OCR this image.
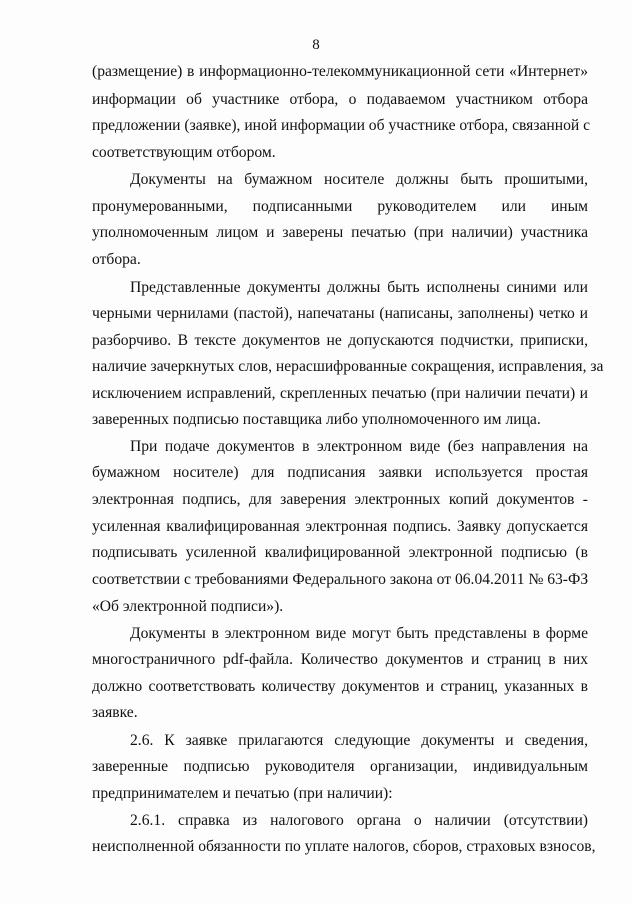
8
(размещение) в информационно-телекоммуникационной сети «Интернет»
информации об участнике отбора, о подаваемом участником отбора
предложении (заявке), иной информации об участнике отбора, связанной с
соответствующим отбором.
Документы на бумажном носителе должны быть прошитыми,
пронумерованными, подписанными руководителем или иным
уполномоченным лицом и заверены печатью (при наличии) участника
отбора.
Представленные документы должны быть исполнены синими или
черными чернилами (пастой), напечатаны (написаны, заполнены) четко и
разборчиво. В тексте документов не допускаются подчистки, приписки,
наличие зачеркнутых слов, нерасшифрованные сокращения, исправления, за
исключением исправлений, скрепленных печатью (при наличии печати) и
заверенных подписью поставщика либо уполномоченного им лица.
При подаче документов в электронном виде (без направления на
бумажном носителе) для подписания заявки используется простая
электронная подпись, для заверения электронных копий документов -
усиленная квалифицированная электронная подпись. Заявку допускается
подписывать усиленной квалифицированной электронной подписью (в
соответствии с требованиями Федерального закона от 06.04.2011 № 63-ФЗ
«Об электронной подписи»).
Документы в электронном виде могут быть представлены в форме
многостраничного pdf-файла. Количество документов и страниц в них
должно соответствовать количеству документов и страниц, указанных в
заявке.
2.6. К заявке прилагаются следующие документы и сведения,
заверенные подписью руководителя организации, индивидуальным
предпринимателем и печатью (при наличии):
2.6.1. справка из налогового органа о наличии (отсутствии)
неисполненной обязанности по уплате налогов, сборов, страховых взносов,
